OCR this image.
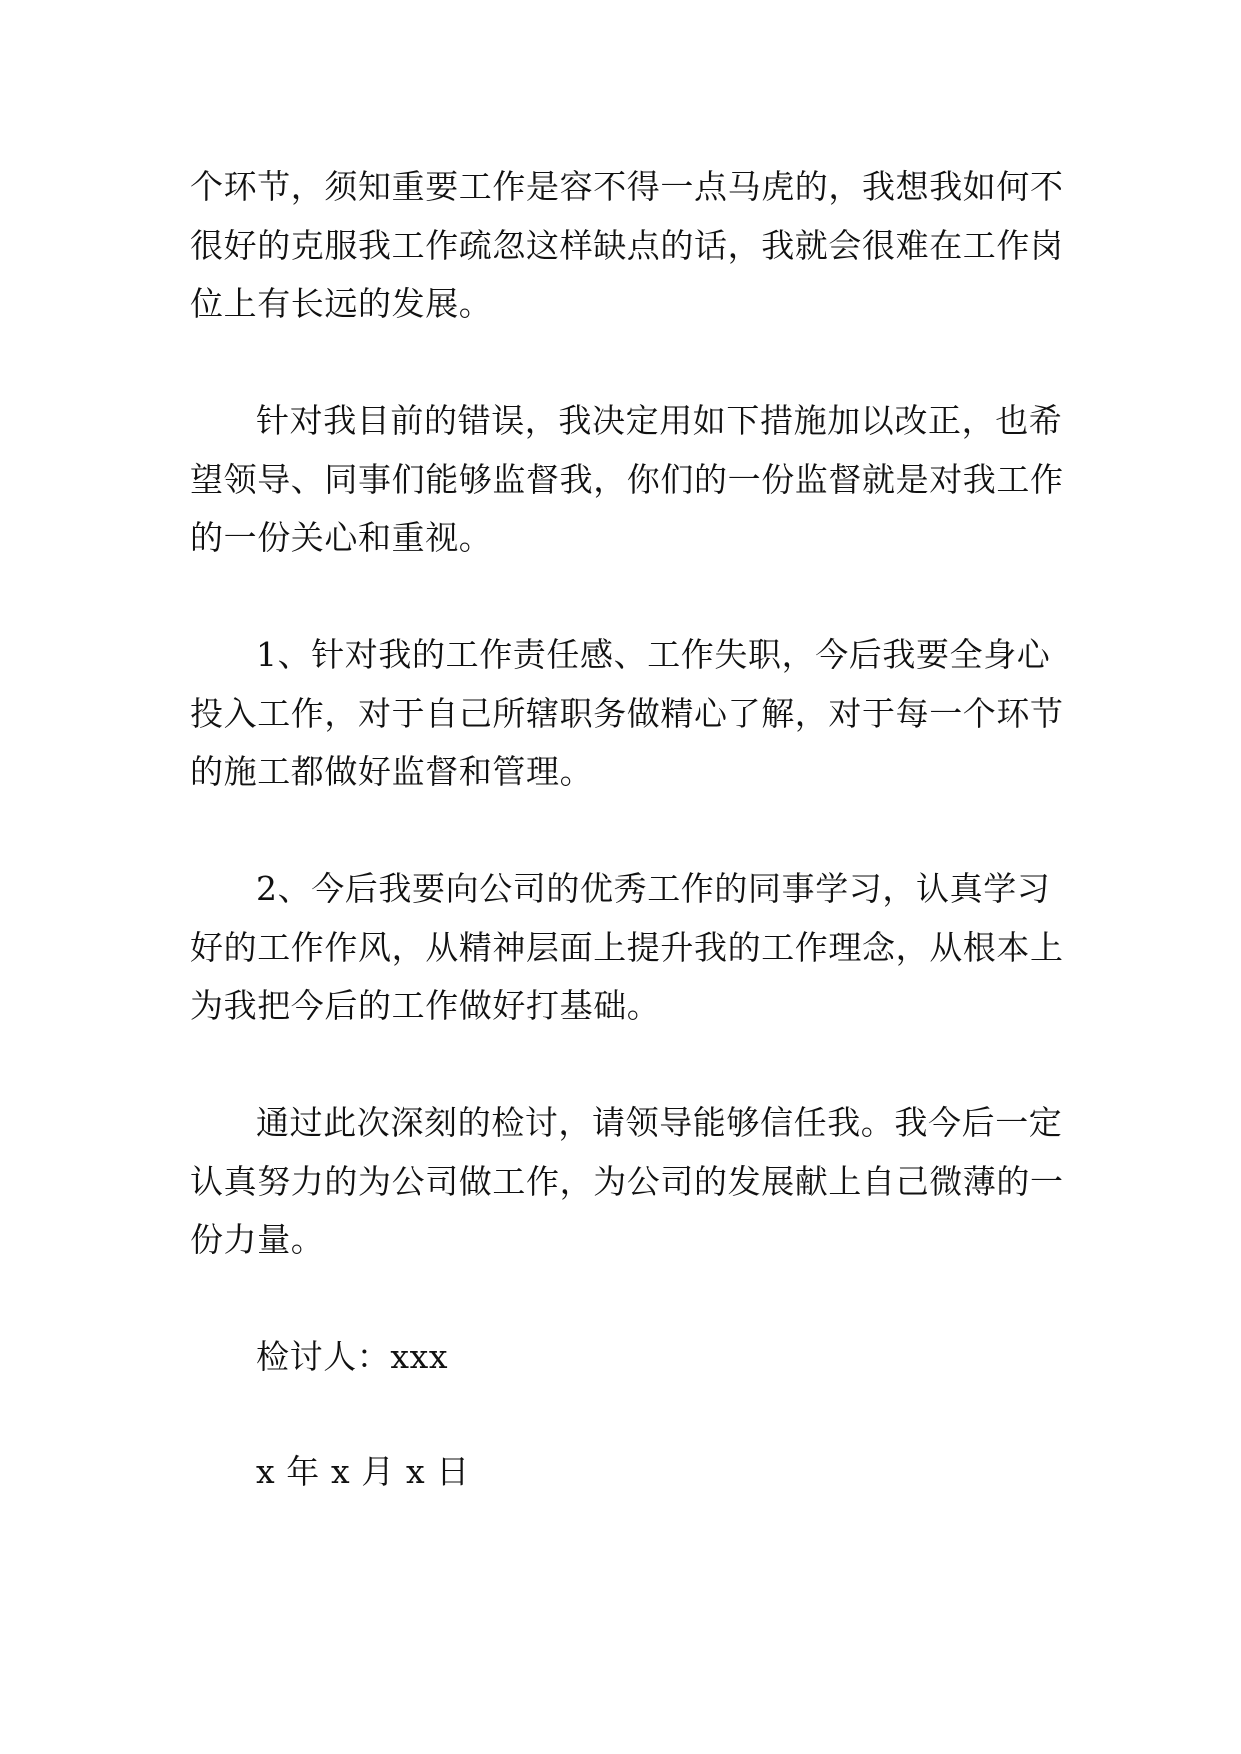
个环节，须知重要工作是容不得一点马虎的，我想我如何不
很好的克服我工作疏忽这样缺点的话，我就会很难在工作岗
位上有长远的发展。

针对我目前的错误，我决定用如下措施加以改正，也希
望领导、同事们能够监督我，你们的一份监督就是对我工作
的一份关心和重视。

1、针对我的工作责任感、工作失职，今后我要全身心
投入工作，对于自己所辖职务做精心了解，对于每一个环节
的施工都做好监督和管理。

2、今后我要向公司的优秀工作的同事学习，认真学习
好的工作作风，从精神层面上提升我的工作理念，从根本上
为我把今后的工作做好打基础。

通过此次深刻的检讨，请领导能够信任我。我今后一定
认真努力的为公司做工作，为公司的发展献上自己微薄的一
份力量。

检讨人：xxx

x 年 x 月 x 日
